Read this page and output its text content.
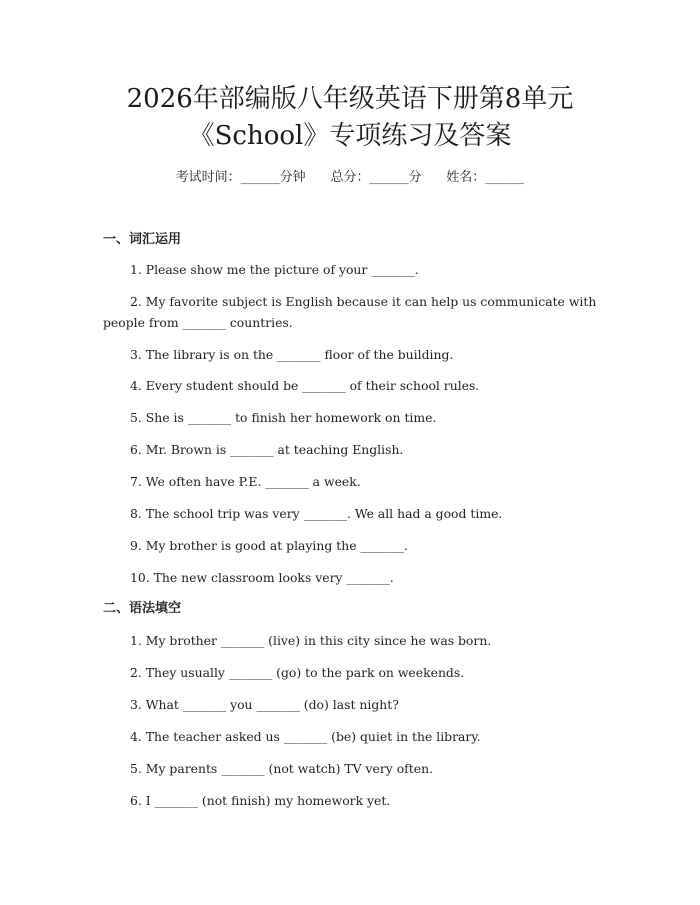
2026年部编版八年级英语下册第8单元
《School》专项练习及答案
考试时间：______分钟 总分：______分 姓名：______
一、词汇运用
1. Please show me the picture of your _______.
2. My favorite subject is English because it can help us communicate with people from _______ countries.
3. The library is on the _______ floor of the building.
4. Every student should be _______ of their school rules.
5. She is _______ to finish her homework on time.
6. Mr. Brown is _______ at teaching English.
7. We often have P.E. _______ a week.
8. The school trip was very _______. We all had a good time.
9. My brother is good at playing the _______.
10. The new classroom looks very _______.
二、语法填空
1. My brother _______ (live) in this city since he was born.
2. They usually _______ (go) to the park on weekends.
3. What _______ you _______ (do) last night?
4. The teacher asked us _______ (be) quiet in the library.
5. My parents _______ (not watch) TV very often.
6. I _______ (not finish) my homework yet.
